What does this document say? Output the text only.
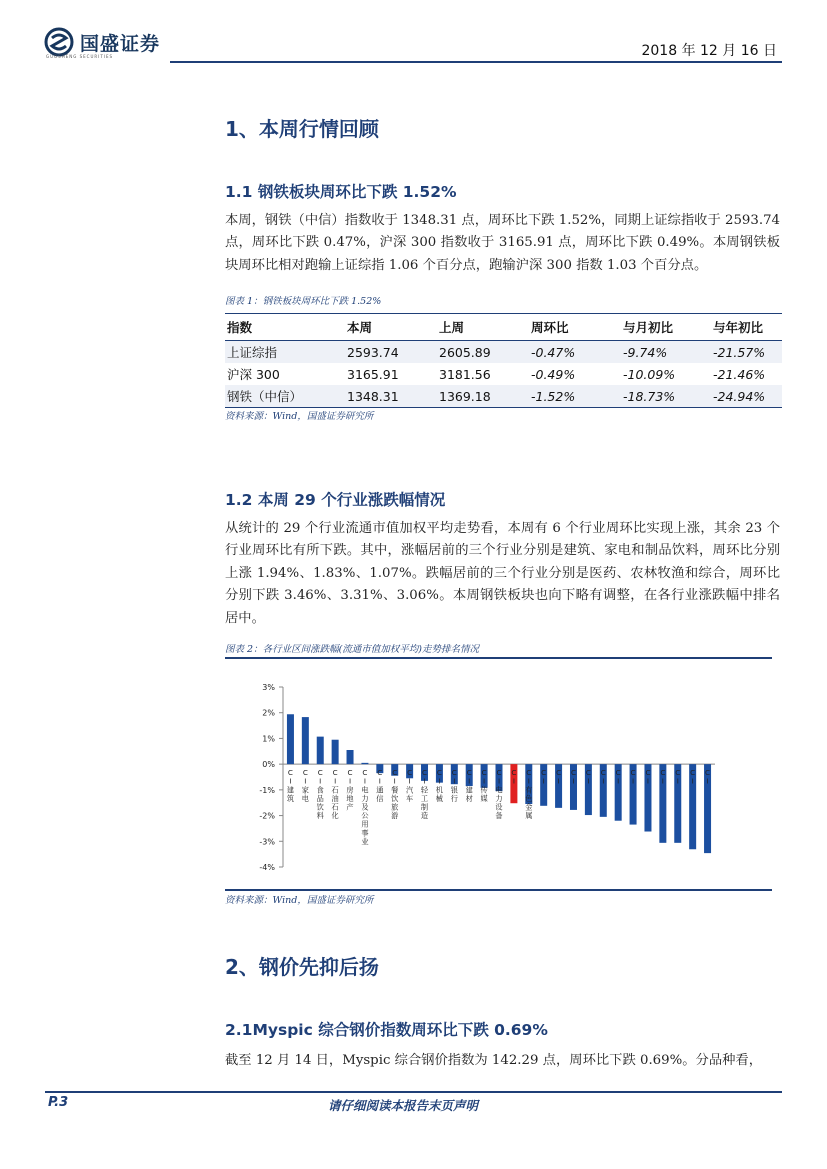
国盛证券
GUOSHENG SECURITIES	2018 年 12 月 16 日
1、本周行情回顾
1.1 钢铁板块周环比下跌 1.52%
本周，钢铁（中信）指数收于 1348.31 点，周环比下跌 1.52%，同期上证综指收于 2593.74 点，周环比下跌 0.47%，沪深 300 指数收于 3165.91 点，周环比下跌 0.49%。本周钢铁板块周环比相对跑输上证综指 1.06 个百分点，跑输沪深 300 指数 1.03 个百分点。
图表 1：钢铁板块周环比下跌 1.52%
指数	本周	上周	周环比	与月初比	与年初比
上证综指	2593.74	2605.89	-0.47%	-9.74%	-21.57%
沪深 300	3165.91	3181.56	-0.49%	-10.09%	-21.46%
钢铁（中信）	1348.31	1369.18	-1.52%	-18.73%	-24.94%
资料来源：Wind，国盛证券研究所
1.2 本周 29 个行业涨跌幅情况
从统计的 29 个行业流通市值加权平均走势看，本周有 6 个行业周环比实现上涨，其余 23 个行业周环比有所下跌。其中，涨幅居前的三个行业分别是建筑、家电和制品饮料，周环比分别上涨 1.94%、1.83%、1.07%。跌幅居前的三个行业分别是医药、农林牧渔和综合，周环比分别下跌 3.46%、3.31%、3.06%。本周钢铁板块也向下略有调整，在各行业涨跌幅中排名居中。
图表 2：各行业区间涨跌幅(流通市值加权平均)走势排名情况
3%
2%
1%
0%
-1%
-2%
-3%
-4%
C
I
建
筑
C
I
家
电
C
I
食
品
饮
料
C
I
石
油
石
化
C
I
房
地
产
C
I
电
力
及
公
用
事
业
C
I
通
信
C
I
餐
饮
旅
游
C
I
汽
车
C
I
轻
工
制
造
C
I
机
械
C
I
银
行
C
I
建
材
C
I
传
媒
C
I
电
力
设
备
C
I
C
I
有
色
金
属
C
I
C
I
C
I
C
I
C
I
C
I
C
I
C
I
C
I
C
I
C
I
C
I
资料来源：Wind，国盛证券研究所
2、钢价先抑后扬
2.1Myspic 综合钢价指数周环比下跌 0.69%
截至 12 月 14 日，Myspic 综合钢价指数为 142.29 点，周环比下跌 0.69%。分品种看，
P.3	请仔细阅读本报告末页声明
